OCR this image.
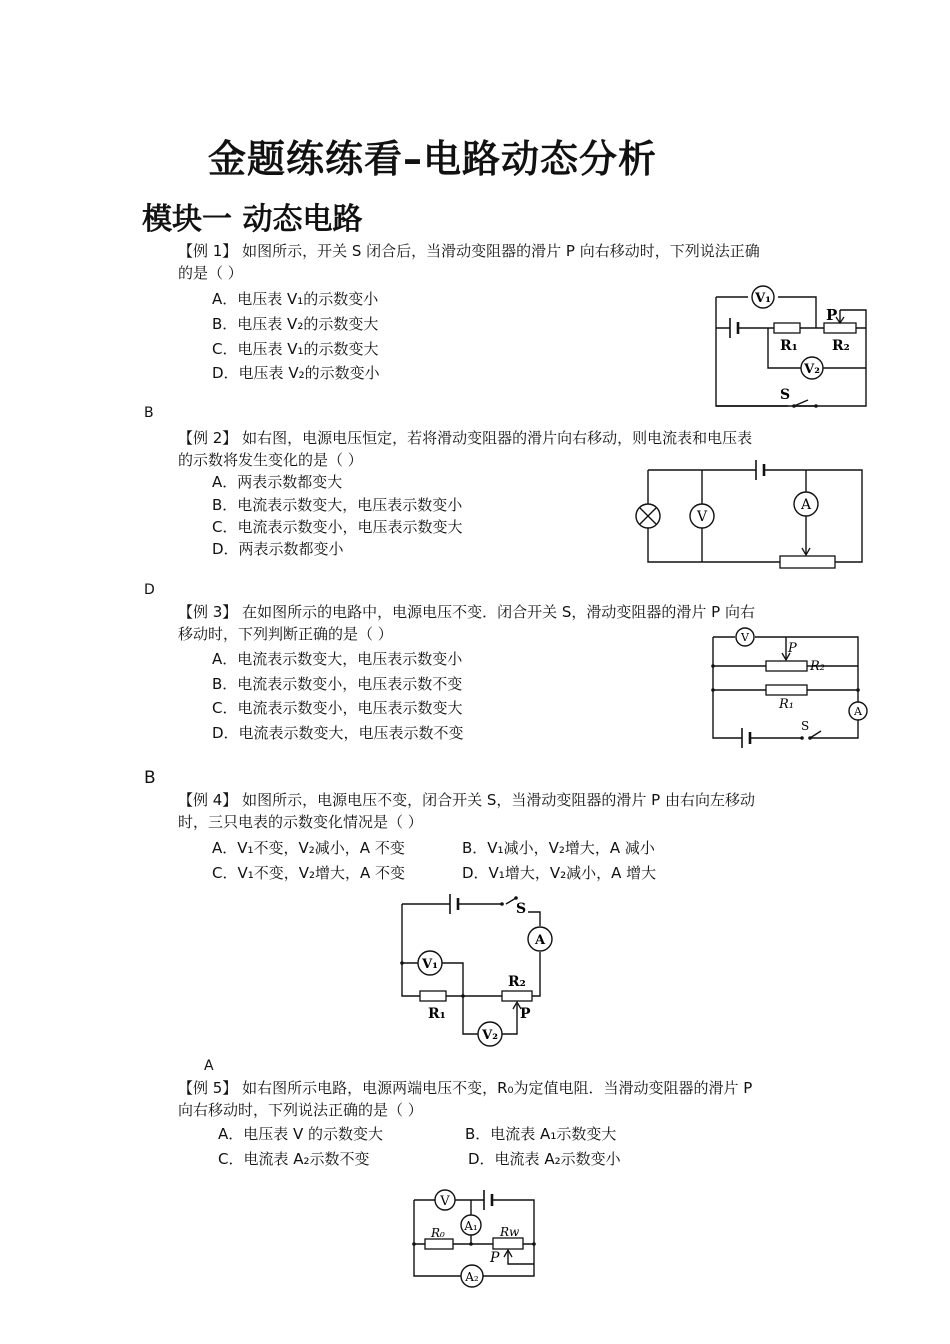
金题练练看–电路动态分析
模块一 动态电路
【例 1】 如图所示，开关 S 闭合后，当滑动变阻器的滑片 P 向右移动时，下列说法正确
的是（ ）
A．电压表 V₁的示数变小
B．电压表 V₂的示数变大
C．电压表 V₁的示数变大
D．电压表 V₂的示数变小
B
V₁
P
R₁ R₂
V₂
S
【例 2】 如右图，电源电压恒定，若将滑动变阻器的滑片向右移动，则电流表和电压表
的示数将发生变化的是（ ）
A．两表示数都变大
B．电流表示数变大，电压表示数变小
C．电流表示数变小，电压表示数变大
D．两表示数都变小
D
V
A
【例 3】 在如图所示的电路中，电源电压不变．闭合开关 S，滑动变阻器的滑片 P 向右
移动时，下列判断正确的是（ ）
A．电流表示数变大，电压表示数变小
B．电流表示数变小，电压表示数不变
C．电流表示数变小，电压表示数变大
D．电流表示数变大，电压表示数不变
B
V
P
R₂
R₁	A
S
【例 4】 如图所示，电源电压不变，闭合开关 S，当滑动变阻器的滑片 P 由右向左移动
时，三只电表的示数变化情况是（ ）
A．V₁不变，V₂减小，A 不变	B．V₁减小，V₂增大，A 减小
C．V₁不变，V₂增大，A 不变	D．V₁增大，V₂减小，A 增大
S
A
V₁
R₂
R₁
V₂
P
A
【例 5】 如右图所示电路，电源两端电压不变，R₀为定值电阻．当滑动变阻器的滑片 P
向右移动时，下列说法正确的是（ ）
A．电压表 V 的示数变大	B．电流表 A₁示数变大
C．电流表 A₂示数不变	D．电流表 A₂示数变小
V
A₁
R₀	Rw
P
A₂
